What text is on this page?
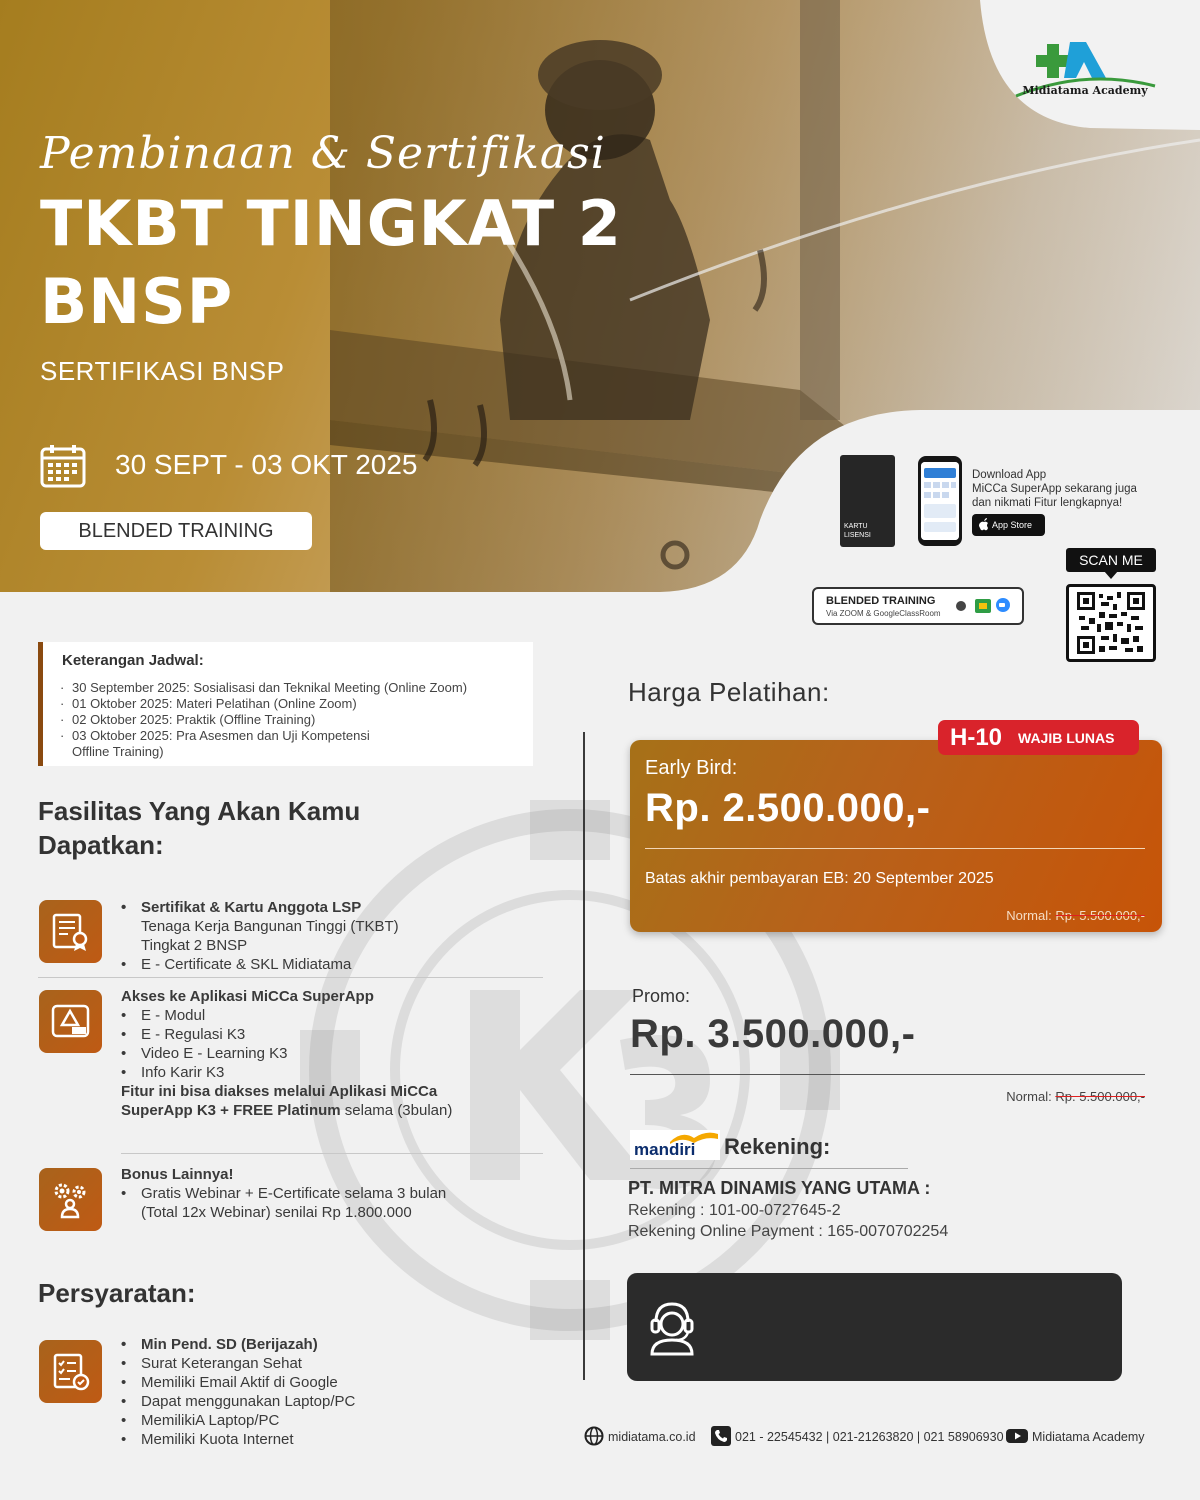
Pembinaan & Sertifikasi
TKBT TINGKAT 2
BNSP
SERTIFIKASI BNSP
30 SEPT - 03 OKT 2025
BLENDED TRAINING
Midiatama Academy
KARTU
LISENSI
Download App
MiCCa SuperApp sekarang juga
dan nikmati Fitur lengkapnya!
App Store
SCAN ME
BLENDED TRAINING
Via ZOOM & GoogleClassRoom
Keterangan Jadwal:
· 30 September 2025: Sosialisasi dan Teknikal Meeting (Online Zoom)
· 01 Oktober 2025: Materi Pelatihan (Online Zoom)
· 02 Oktober 2025: Praktik (Offline Training)
· 03 Oktober 2025: Pra Asesmen dan Uji Kompetensi
Offline Training)
Fasilitas Yang Akan Kamu
Dapatkan:
• Sertifikat & Kartu Anggota LSP
Tenaga Kerja Bangunan Tinggi (TKBT)
Tingkat 2 BNSP
• E - Certificate & SKL Midiatama
Akses ke Aplikasi MiCCa SuperApp
• E - Modul
• E - Regulasi K3
• Video E - Learning K3
• Info Karir K3
Fitur ini bisa diakses melalui Aplikasi MiCCa
SuperApp K3 + FREE Platinum selama (3bulan)
Bonus Lainnya!
• Gratis Webinar + E-Certificate selama 3 bulan
(Total 12x Webinar) senilai Rp 1.800.000
Persyaratan:
• Min Pend. SD (Berijazah)
• Surat Keterangan Sehat
• Memiliki Email Aktif di Google
• Dapat menggunakan Laptop/PC
• MemilikiA Laptop/PC
• Memiliki Kuota Internet
Harga Pelatihan:
H-10 WAJIB LUNAS
Early Bird:
Rp. 2.500.000,-
Batas akhir pembayaran EB: 20 September 2025
Normal: Rp. 5.500.000,-
Promo:
Rp. 3.500.000,-
Normal: Rp. 5.500.000,-
mandiri Rekening:
PT. MITRA DINAMIS YANG UTAMA :
Rekening : 101-00-0727645-2
Rekening Online Payment : 165-0070702254
midiatama.co.id	021 - 22545432 | 021-21263820 | 021 58906930 Midiatama Academy
